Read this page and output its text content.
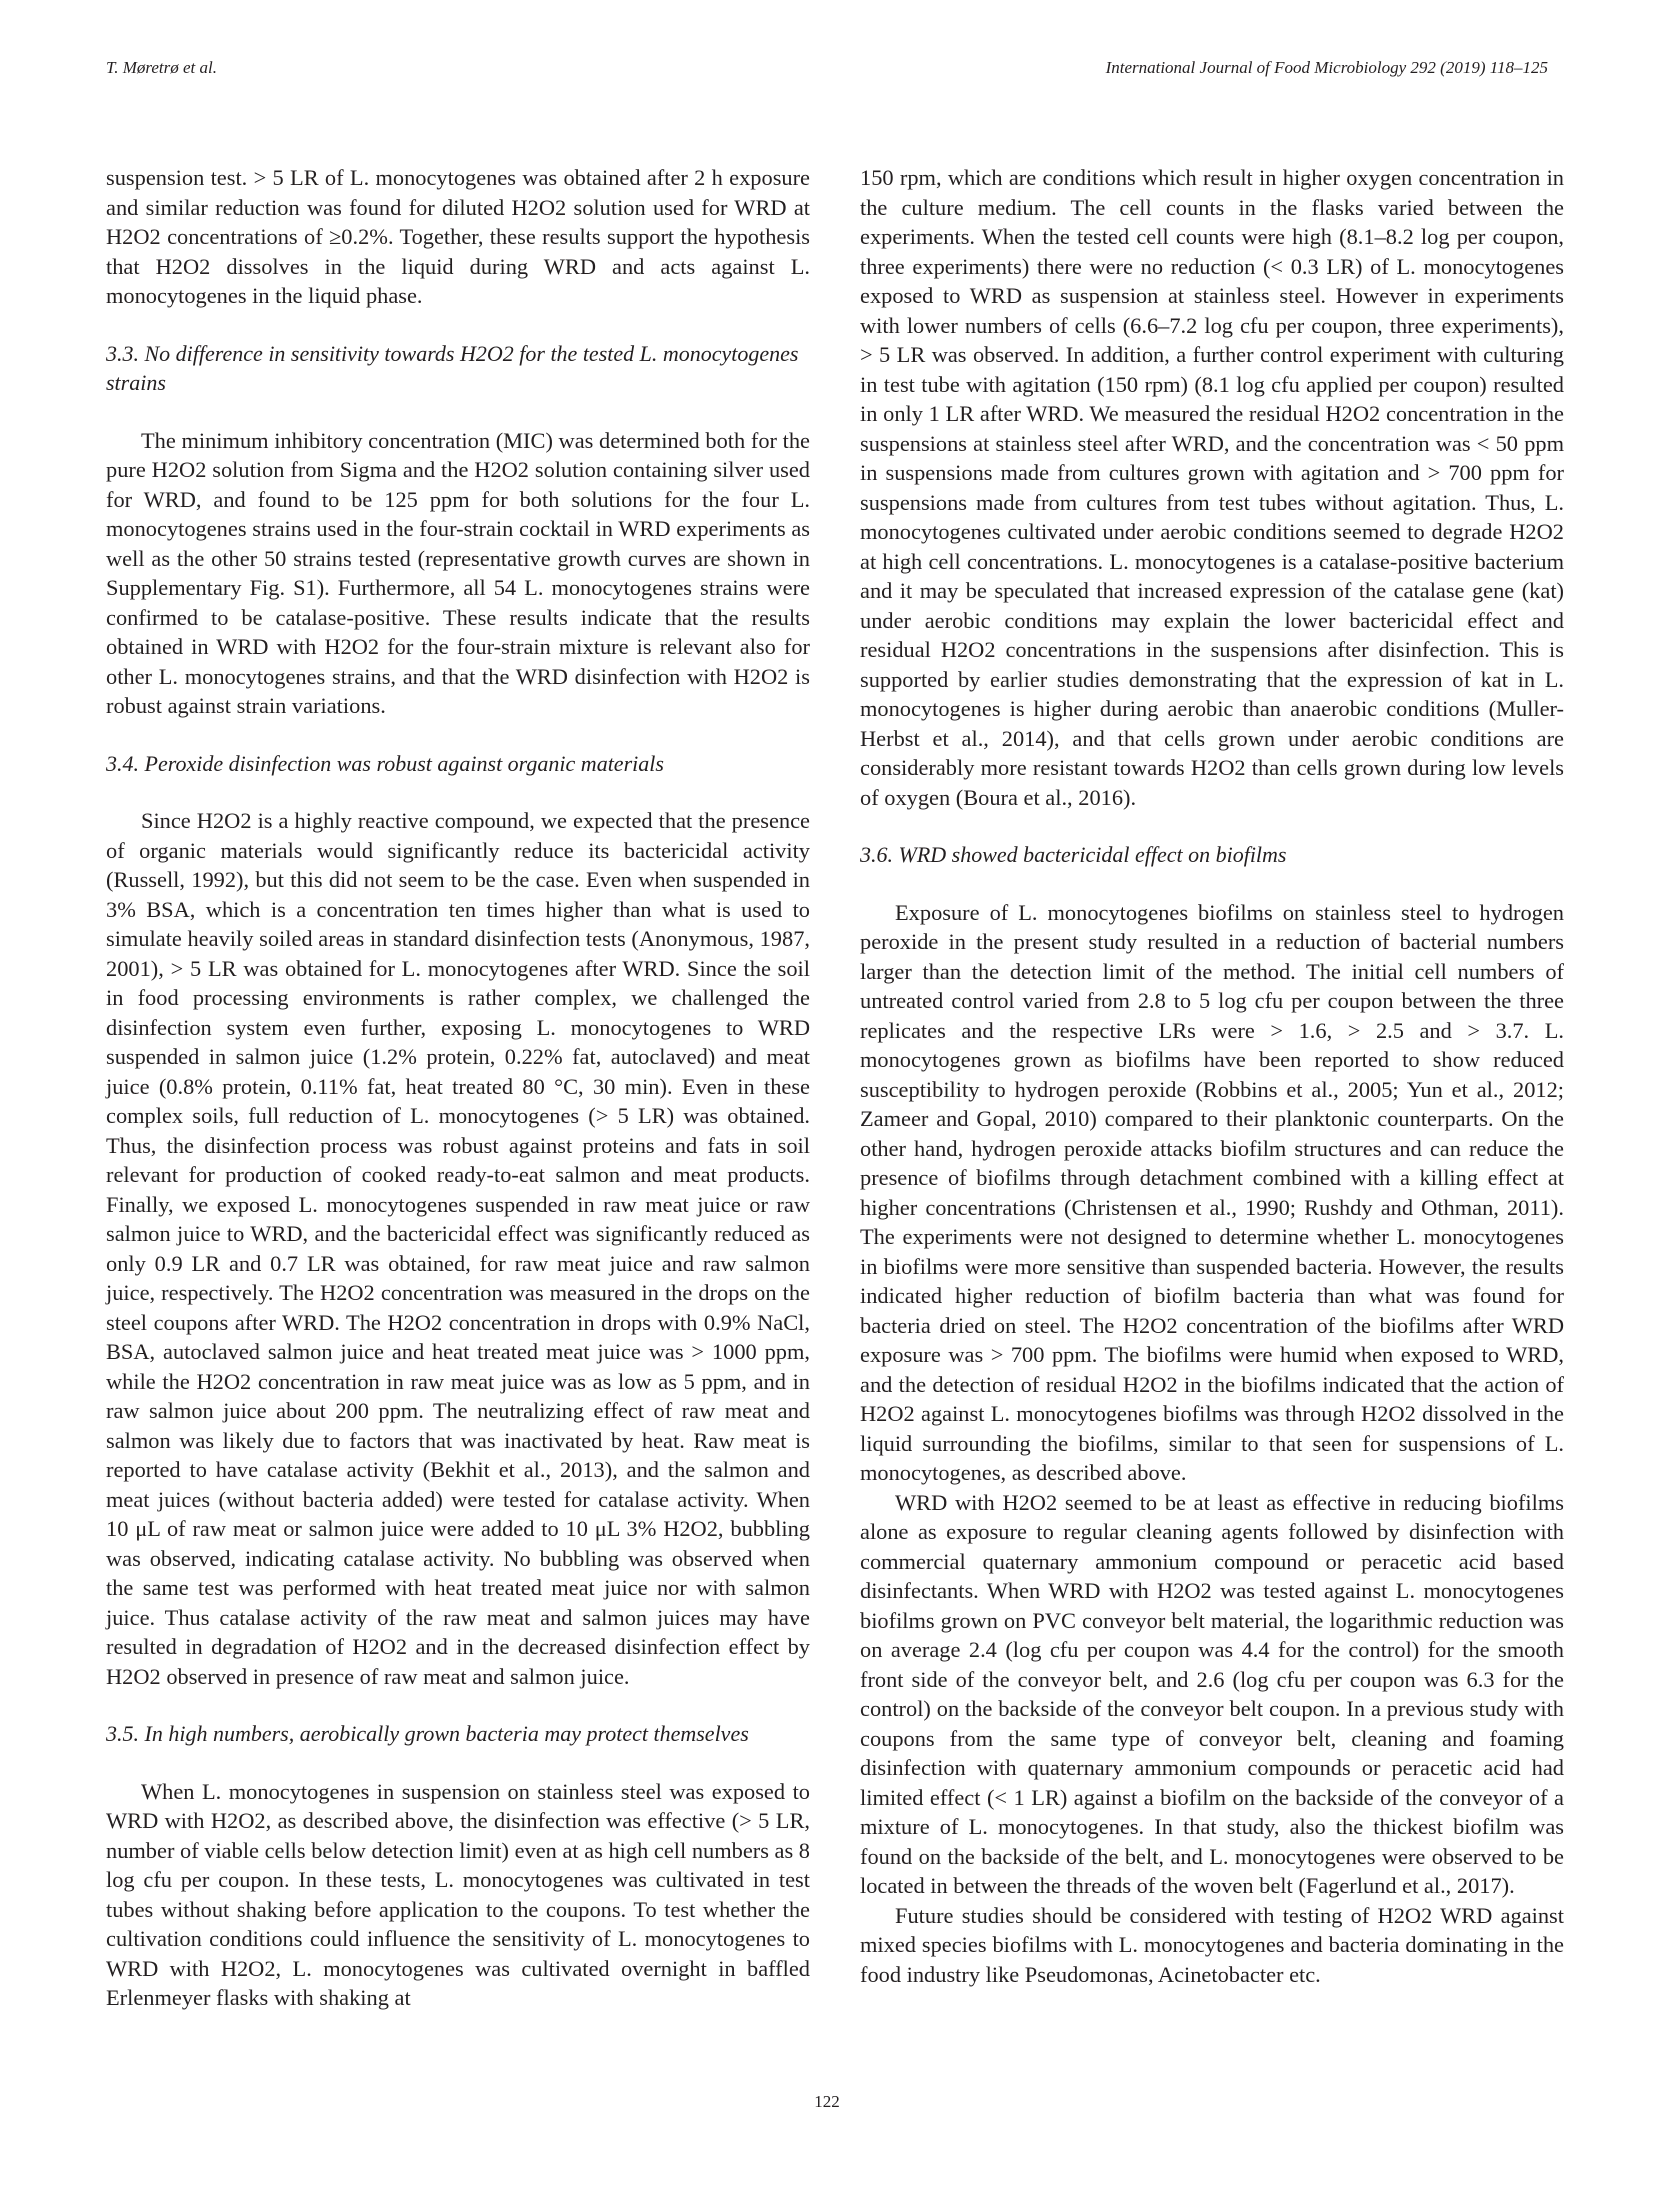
T. Møretrø et al.	International Journal of Food Microbiology 292 (2019) 118–125

suspension test. > 5 LR of L. monocytogenes was obtained after 2 h exposure and similar reduction was found for diluted H2O2 solution used for WRD at H2O2 concentrations of ≥0.2%. Together, these results support the hypothesis that H2O2 dissolves in the liquid during WRD and acts against L. monocytogenes in the liquid phase.

3.3. No difference in sensitivity towards H2O2 for the tested L. monocytogenes strains

The minimum inhibitory concentration (MIC) was determined both for the pure H2O2 solution from Sigma and the H2O2 solution containing silver used for WRD, and found to be 125 ppm for both solutions for the four L. monocytogenes strains used in the four-strain cocktail in WRD experiments as well as the other 50 strains tested (representative growth curves are shown in Supplementary Fig. S1). Furthermore, all 54 L. monocytogenes strains were confirmed to be catalase-positive. These results indicate that the results obtained in WRD with H2O2 for the four-strain mixture is relevant also for other L. monocytogenes strains, and that the WRD disinfection with H2O2 is robust against strain variations.

3.4. Peroxide disinfection was robust against organic materials

Since H2O2 is a highly reactive compound, we expected that the presence of organic materials would significantly reduce its bactericidal activity (Russell, 1992), but this did not seem to be the case. Even when suspended in 3% BSA, which is a concentration ten times higher than what is used to simulate heavily soiled areas in standard disinfection tests (Anonymous, 1987, 2001), > 5 LR was obtained for L. monocytogenes after WRD. Since the soil in food processing environments is rather complex, we challenged the disinfection system even further, exposing L. monocytogenes to WRD suspended in salmon juice (1.2% protein, 0.22% fat, autoclaved) and meat juice (0.8% protein, 0.11% fat, heat treated 80 °C, 30 min). Even in these complex soils, full reduction of L. monocytogenes (> 5 LR) was obtained. Thus, the disinfection process was robust against proteins and fats in soil relevant for production of cooked ready-to-eat salmon and meat products. Finally, we exposed L. monocytogenes suspended in raw meat juice or raw salmon juice to WRD, and the bactericidal effect was significantly reduced as only 0.9 LR and 0.7 LR was obtained, for raw meat juice and raw salmon juice, respectively. The H2O2 concentration was measured in the drops on the steel coupons after WRD. The H2O2 concentration in drops with 0.9% NaCl, BSA, autoclaved salmon juice and heat treated meat juice was > 1000 ppm, while the H2O2 concentration in raw meat juice was as low as 5 ppm, and in raw salmon juice about 200 ppm. The neutralizing effect of raw meat and salmon was likely due to factors that was inactivated by heat. Raw meat is reported to have catalase activity (Bekhit et al., 2013), and the salmon and meat juices (without bacteria added) were tested for catalase activity. When 10 μL of raw meat or salmon juice were added to 10 μL 3% H2O2, bubbling was observed, indicating catalase activity. No bubbling was observed when the same test was performed with heat treated meat juice nor with salmon juice. Thus catalase activity of the raw meat and salmon juices may have resulted in degradation of H2O2 and in the decreased disinfection effect by H2O2 observed in presence of raw meat and salmon juice.

3.5. In high numbers, aerobically grown bacteria may protect themselves

When L. monocytogenes in suspension on stainless steel was exposed to WRD with H2O2, as described above, the disinfection was effective (> 5 LR, number of viable cells below detection limit) even at as high cell numbers as 8 log cfu per coupon. In these tests, L. monocytogenes was cultivated in test tubes without shaking before application to the coupons. To test whether the cultivation conditions could influence the sensitivity of L. monocytogenes to WRD with H2O2, L. monocytogenes was cultivated overnight in baffled Erlenmeyer flasks with shaking at

150 rpm, which are conditions which result in higher oxygen concentration in the culture medium. The cell counts in the flasks varied between the experiments. When the tested cell counts were high (8.1–8.2 log per coupon, three experiments) there were no reduction (< 0.3 LR) of L. monocytogenes exposed to WRD as suspension at stainless steel. However in experiments with lower numbers of cells (6.6–7.2 log cfu per coupon, three experiments), > 5 LR was observed. In addition, a further control experiment with culturing in test tube with agitation (150 rpm) (8.1 log cfu applied per coupon) resulted in only 1 LR after WRD. We measured the residual H2O2 concentration in the suspensions at stainless steel after WRD, and the concentration was < 50 ppm in suspensions made from cultures grown with agitation and > 700 ppm for suspensions made from cultures from test tubes without agitation. Thus, L. monocytogenes cultivated under aerobic conditions seemed to degrade H2O2 at high cell concentrations. L. monocytogenes is a catalase-positive bacterium and it may be speculated that increased expression of the catalase gene (kat) under aerobic conditions may explain the lower bactericidal effect and residual H2O2 concentrations in the suspensions after disinfection. This is supported by earlier studies demonstrating that the expression of kat in L. monocytogenes is higher during aerobic than anaerobic conditions (Muller-Herbst et al., 2014), and that cells grown under aerobic conditions are considerably more resistant towards H2O2 than cells grown during low levels of oxygen (Boura et al., 2016).

3.6. WRD showed bactericidal effect on biofilms

Exposure of L. monocytogenes biofilms on stainless steel to hydrogen peroxide in the present study resulted in a reduction of bacterial numbers larger than the detection limit of the method. The initial cell numbers of untreated control varied from 2.8 to 5 log cfu per coupon between the three replicates and the respective LRs were > 1.6, > 2.5 and > 3.7. L. monocytogenes grown as biofilms have been reported to show reduced susceptibility to hydrogen peroxide (Robbins et al., 2005; Yun et al., 2012; Zameer and Gopal, 2010) compared to their planktonic counterparts. On the other hand, hydrogen peroxide attacks biofilm structures and can reduce the presence of biofilms through detachment combined with a killing effect at higher concentrations (Christensen et al., 1990; Rushdy and Othman, 2011). The experiments were not designed to determine whether L. monocytogenes in biofilms were more sensitive than suspended bacteria. However, the results indicated higher reduction of biofilm bacteria than what was found for bacteria dried on steel. The H2O2 concentration of the biofilms after WRD exposure was > 700 ppm. The biofilms were humid when exposed to WRD, and the detection of residual H2O2 in the biofilms indicated that the action of H2O2 against L. monocytogenes biofilms was through H2O2 dissolved in the liquid surrounding the biofilms, similar to that seen for suspensions of L. monocytogenes, as described above.

WRD with H2O2 seemed to be at least as effective in reducing biofilms alone as exposure to regular cleaning agents followed by disinfection with commercial quaternary ammonium compound or peracetic acid based disinfectants. When WRD with H2O2 was tested against L. monocytogenes biofilms grown on PVC conveyor belt material, the logarithmic reduction was on average 2.4 (log cfu per coupon was 4.4 for the control) for the smooth front side of the conveyor belt, and 2.6 (log cfu per coupon was 6.3 for the control) on the backside of the conveyor belt coupon. In a previous study with coupons from the same type of conveyor belt, cleaning and foaming disinfection with quaternary ammonium compounds or peracetic acid had limited effect (< 1 LR) against a biofilm on the backside of the conveyor of a mixture of L. monocytogenes. In that study, also the thickest biofilm was found on the backside of the belt, and L. monocytogenes were observed to be located in between the threads of the woven belt (Fagerlund et al., 2017).

Future studies should be considered with testing of H2O2 WRD against mixed species biofilms with L. monocytogenes and bacteria dominating in the food industry like Pseudomonas, Acinetobacter etc.

122
